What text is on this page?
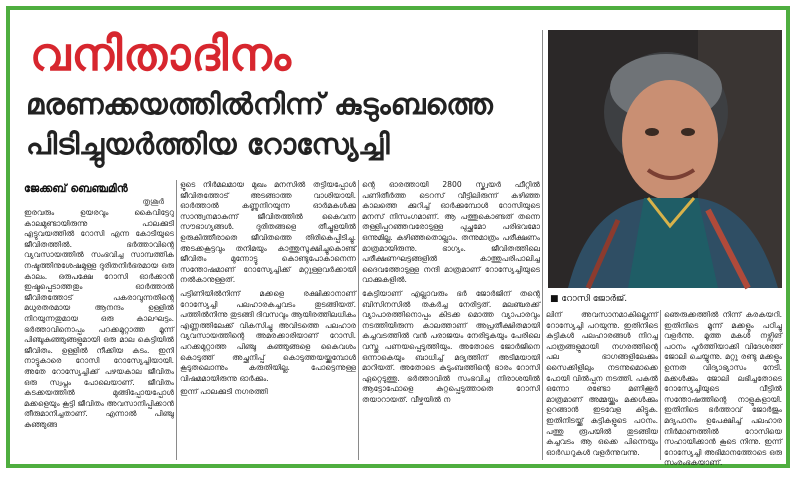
വനിതാദിനം
മരണക്കയത്തിൽനിന്ന് കുടുംബത്തെ പിടിച്ചുയർത്തിയ റോസ്യേച്ചി
■ റോസി ജോർജ്.
ജേക്കബ് ബെഞ്ചമിൻ
തൃശൂർ

ഇരവരും ഉയരവും കൈവിട്ടേറു കാലമുണ്ടായിരുന്നു പാലക്കുടി എട്ടുവയത്തിൽ റോസി എന്ന കോടിയുടെ ജീവിതത്തിൽ. ഭർത്താവിന്റെ വ്യവസായത്തിൽ സംഭവിച്ച സാമ്പത്തിക നഷ്ടത്തിനുശേഷമുള്ള ദുരിതനിർഭരമായ ഒരു കാലം. ഒരുപക്ഷേ റോസി ഓർക്കാൻ ഇഷ്ടപ്പെടാത്തതും ഓർത്താൽ ജീവിതത്തോട് പകരാവുന്നതിന്റെ മധുരതരമായ ആനന്ദം ഉള്ളിൽ നിറയുന്നതുമായ ഒരു കാലഘട്ടം. ഭർത്താവിനൊപ്പം പറക്കമുറ്റാത്ത മൂന്ന് പിഞ്ചുകുഞ്ഞുങ്ങളുമായി ഒരു മാല കെട്ടിയിൽ ജീവിതം. ഉള്ളിൽ നീക്കിയ കടം. ഇനി നാട്ടുകാരെ റോസി റോസ്യേച്ചിയായി. അതേ റോസ്യേച്ചിക്ക് പഴയകാല ജീവിതം ഒരു സ്വപ്നം പോലെയാണ്. ജീവിതം കടക്കയത്തിൽ മുങ്ങിപ്പോയപ്പോൾ മക്കളെയും കൂട്ടി ജീവിതം അവസാനിപ്പിക്കാൻ തീരുമാനിച്ചതാണ്. എന്നാൽ പിഞ്ചു കുഞ്ഞുങ്ങ

ളുടെ നിർമലമായ മുഖം മനസിൽ തട്ടിയപ്പോൾ ജീവിതത്തോട് അടങ്ങാത്ത വാശിയായി. ഓർത്താൽ കണ്ണുനിറയുന്ന ഓർമകൾക്കു സാന്ത്വനമാകുന്ന് ജീവിതത്തിൽ കൈവന്ന സൗഭാഗ്യങ്ങൾ. ദുരിതങ്ങളെ തീച്ചൂളയിൽ ഉരുകിത്തീരാതെ ജീവിതത്തെ തിരികെപ്പിടിച്ചു. അടക്കകൂട്ടവും തനിമയും കാത്തുസൂക്ഷിച്ചുകൊണ്ട് ജീവിതം മുന്നോട്ടു കൊണ്ടുപോകാനെന്ന സന്തോഷമാണ് റോസ്യേച്ചിക്ക് മറ്റുള്ളവർക്കായി നൽകാനുള്ളത്.

പട്ടിണിയിൽനിന്ന് മക്കളെ രക്ഷിക്കാനാണ് റോസ്യേച്ചി പലഹാരകച്ചവടം തുടങ്ങിയത്. പത്തിൽനിന്നു തുടങ്ങി ദിവസവും ആയിരത്തിലധികം എണ്ണത്തിലേക്ക് വികസിച്ചു അവിടത്തെ പലഹാര വ്യവസായത്തിന്റെ അമരക്കാരിയാണ് റോസി. പറക്കമുറ്റാത്ത പിഞ്ചു കുഞ്ഞുങ്ങളെ കൈവശം കൊടുത്ത് അച്ഛനിപ്പ് കൊടുത്തയയ്ക്കുമ്പോൾ കൂടുതലൊന്നും കരുതിയില്ല. പോട്ടെന്നുള്ള വിഷമമായിരുന്നു ഓർക്കും.

ഇന്ന് പാലക്കുടി നഗരത്തി

ന്റെ ഓരത്തായി 2800 സ്ക്വയർ ഫീറ്റിൽ പണിതീർത്ത ടെറസ് വീട്ടിലിരുന്ന് കഴിഞ്ഞ കാലത്തെ ക്കുറിച്ച് ഓർക്കുമ്പോൾ റോസിയുടെ മനസ് നിസംഗമാണ്. ആ പത്തുകൊണ്ടത് തന്നെ തള്ളിപ്പറഞ്ഞവരോടുള്ള പുച്ഛമോ പരിഭവമോ ഒന്നുമില്ല. കഴിഞ്ഞതൊല്ലാം. തന്നുമാത്രം പരീക്ഷണം മാത്രമായിരുന്നു. ഭാഗ്യം. ജീവിതത്തിലെ പരീക്ഷണഘട്ടങ്ങളിൽ കാത്തുപരിപാലിച്ച ദൈവത്തോടുള്ള നന്ദി മാത്രമാണ് റോസ്യേച്ചിയുടെ വാക്കുകളിൽ.

കേട്ടിയാണ് എല്ലാവരും ഭർ ജോർജിന് തന്റെ ബിസിനസിൽ തകർച്ച നേരിട്ടത്. മലഞ്ചരക്ക് വ്യാപാരത്തിനൊപ്പം കിടക്ക മൊത്ത വ്യാപാരവും നടത്തിയിരുന്ന കാലത്താണ് അപ്രതീക്ഷിതമായി കച്ചവടത്തിൽ വൻ പരാജയം നേരിടുകയും പേരിലെ വസ്തു പണയപ്പെടുത്തിയും. അതോടെ ജോർജിനെ ഒന്നാകെയും ബാധിച്ച് മദ്യത്തിന് അടിമയായി മാറിയത്. അതോടെ കുടുംബത്തിന്റെ ഭാരം റോസി ഏറ്റെടുത്തു. ഭർത്താവിൽ സംഭവിച്ച നിരാശയിൽ ആട്ടോഫോളെ കുറ്റപ്പെടുത്താതെ റോസി തയാറായത്. വീഴ്ചയിൽ ന

ലിന് അവസാനമാകില്ലെന്ന് റോസ്യേച്ചി പറയുന്നു. ഇതിനിടെ കുട്ടികൾ പലഹാരങ്ങൾ നിറച്ച പാത്രങ്ങളുമായി നഗരത്തിന്റെ പല ഭാഗങ്ങളിലേക്കും സൈക്കിളിലും നടന്നുമൊക്കെ പോയി വിൽപ്പന നടത്തി. പകൽ ഒന്നോ രണ്ടോ മണിക്കൂർ മാത്രമാണ് അമ്മയ്ക്കും മക്കൾക്കും ഉറങ്ങാൻ ഇടവേള കിട്ടുക. ഇതിനിടയ്ക്ക് കുട്ടികളുടെ പഠനം. പത്തു രൂപയിൽ തുടങ്ങിയ കച്ചവടം ആ ഒക്കെ പിന്നെയും ഓർഡറുകൾ വളർന്നുവന്നു.

ഞെരുക്കത്തിൽ നിന്ന് കരകയറി. ഇതിനിടെ മൂന്ന് മക്കളും പഠിച്ചു വളർന്നു. മൂത്ത മകൾ നഴ്സിങ് പഠനം പൂർത്തിയാക്കി വിദേശത്ത് ജോലി ചെയ്യുന്നു. മറ്റു രണ്ടു മക്കളും ഉന്നത വിദ്യാഭ്യാസം നേടി. മക്കൾക്കും ജോലി ലഭിച്ചതോടെ റോസ്യേച്ചിയുടെ വീട്ടിൽ സന്തോഷത്തിന്റെ നാളുകളായി. ഇതിനിടെ ഭർത്താവ് ജോർജും മദ്യപാനം ഉപേക്ഷിച്ച് പലഹാര നിർമാണത്തിൽ റോസിയെ സഹായിക്കാൻ കൂടെ നിന്നു. ഇന്ന് റോസ്യേച്ചി അഭിമാനത്തോടെ ഒരു സംരംഭകയാണ്.
